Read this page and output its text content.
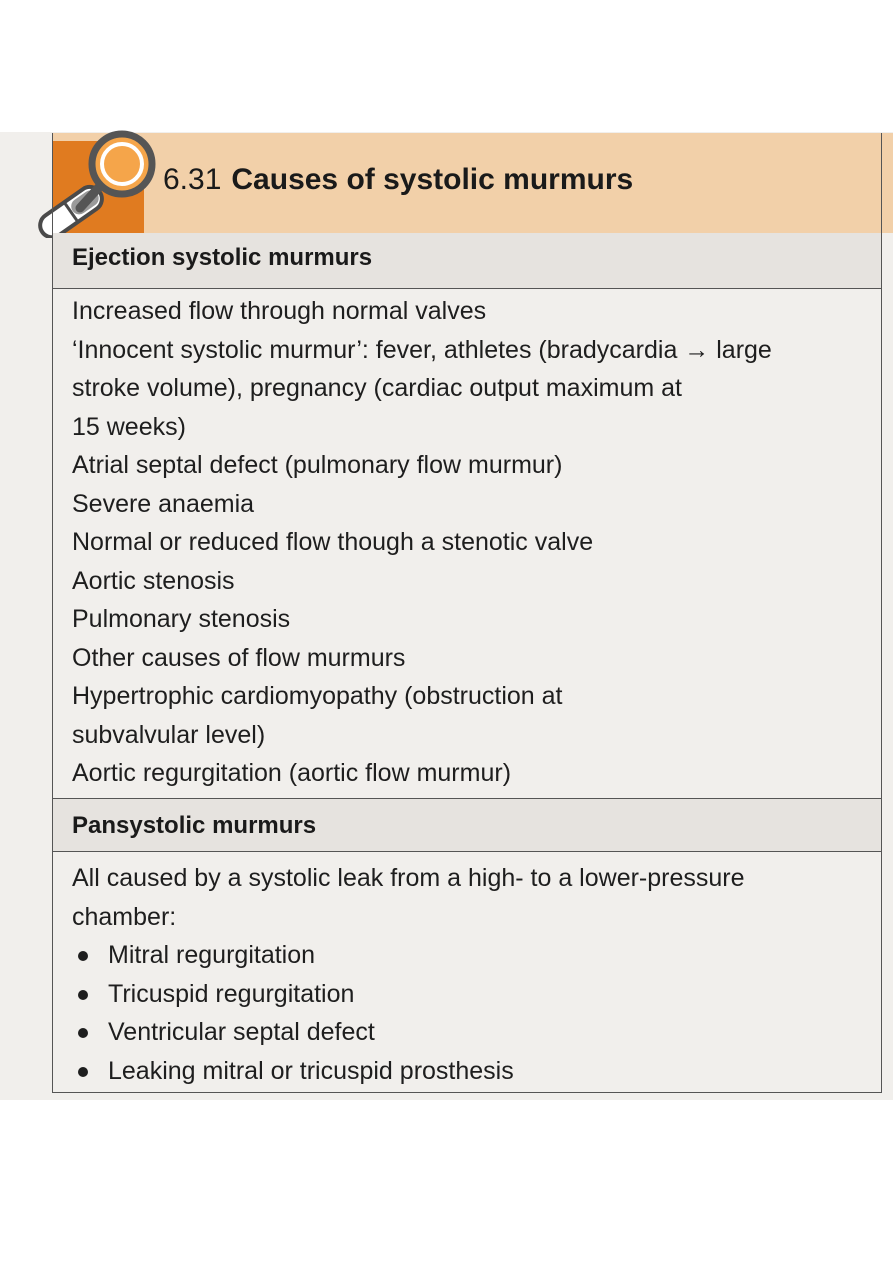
6.31 Causes of systolic murmurs
Ejection systolic murmurs
Increased flow through normal valves
‘Innocent systolic murmur’: fever, athletes (bradycardia → large
stroke volume), pregnancy (cardiac output maximum at
15 weeks)
Atrial septal defect (pulmonary flow murmur)
Severe anaemia
Normal or reduced flow though a stenotic valve
Aortic stenosis
Pulmonary stenosis
Other causes of flow murmurs
Hypertrophic cardiomyopathy (obstruction at
subvalvular level)
Aortic regurgitation (aortic flow murmur)
Pansystolic murmurs
All caused by a systolic leak from a high- to a lower-pressure
chamber:
Mitral regurgitation
Tricuspid regurgitation
Ventricular septal defect
Leaking mitral or tricuspid prosthesis
